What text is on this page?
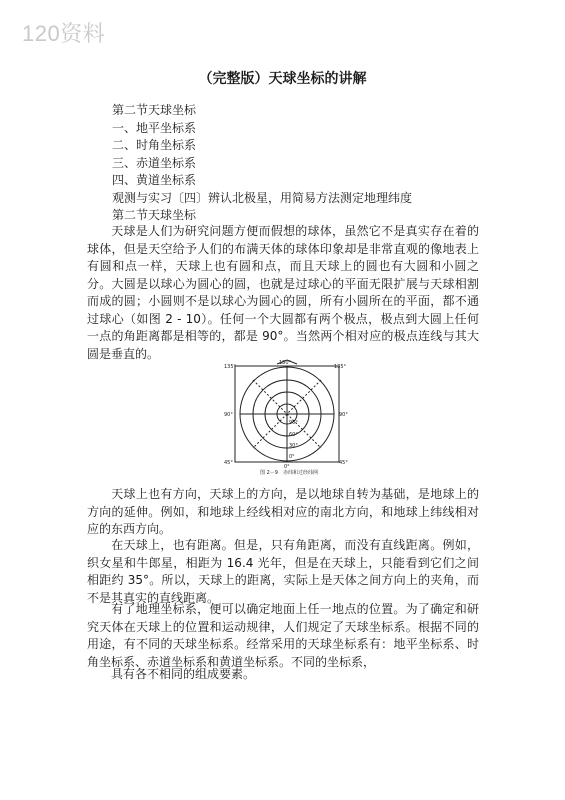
120资料
（完整版）天球坐标的讲解
第二节天球坐标
一、地平坐标系
二、时角坐标系
三、赤道坐标系
四、黄道坐标系
观测与实习〔四〕辨认北极星，用简易方法测定地理纬度
第二节天球坐标

天球是人们为研究问题方便而假想的球体，虽然它不是真实存在着的球体，但是天空给予人们的布满天体的球体印象却是非常直观的像地表上有圆和点一样，天球上也有圆和点，而且天球上的圆也有大圆和小圆之分。大圆是以球心为圆心的圆，也就是过球心的平面无限扩展与天球相割而成的圆；小圆则不是以球心为圆心的圆，所有小圆所在的平面，都不通过球心（如图 2 - 10）。任何一个大圆都有两个极点，极点到大圆上任何一点的角距离都是相等的，都是 90°。当然两个相对应的极点连线与其大圆是垂直的。

180°
135°	135°
90°	90°
45°	45°
0°
90°
60°
30°
0°
图 2－9　赤纬和过经纬网

天球上也有方向，天球上的方向，是以地球自转为基础，是地球上的方向的延伸。例如，和地球上经线相对应的南北方向，和地球上纬线相对应的东西方向。

在天球上，也有距离。但是，只有角距离，而没有直线距离。例如，织女星和牛郎星，相距为 16.4 光年，但是在天球上，只能看到它们之间相距约 35°。所以，天球上的距离，实际上是天体之间方向上的夹角，而不是其真实的直线距离。

有了地理坐标系，便可以确定地面上任一地点的位置。为了确定和研究天体在天球上的位置和运动规律，人们规定了天球坐标系。根据不同的用途，有不同的天球坐标系。经常采用的天球坐标系有：地平坐标系、时角坐标系、赤道坐标系和黄道坐标系。不同的坐标系，

具有各不相同的组成要素。
